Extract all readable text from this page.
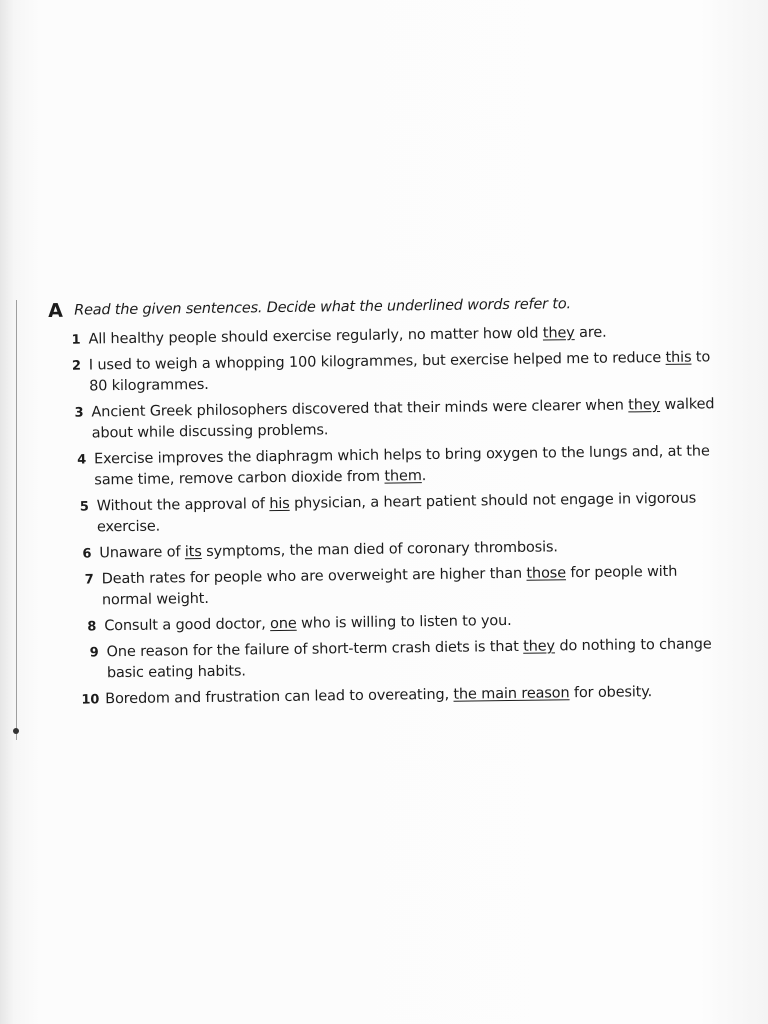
A Read the given sentences. Decide what the underlined words refer to.
1 All healthy people should exercise regularly, no matter how old they are.
2 I used to weigh a whopping 100 kilogrammes, but exercise helped me to reduce this to 80 kilogrammes.
3 Ancient Greek philosophers discovered that their minds were clearer when they walked about while discussing problems.
4 Exercise improves the diaphragm which helps to bring oxygen to the lungs and, at the same time, remove carbon dioxide from them.
5 Without the approval of his physician, a heart patient should not engage in vigorous exercise.
6 Unaware of its symptoms, the man died of coronary thrombosis.
7 Death rates for people who are overweight are higher than those for people with normal weight.
8 Consult a good doctor, one who is willing to listen to you.
9 One reason for the failure of short-term crash diets is that they do nothing to change basic eating habits.
10 Boredom and frustration can lead to overeating, the main reason for obesity.
